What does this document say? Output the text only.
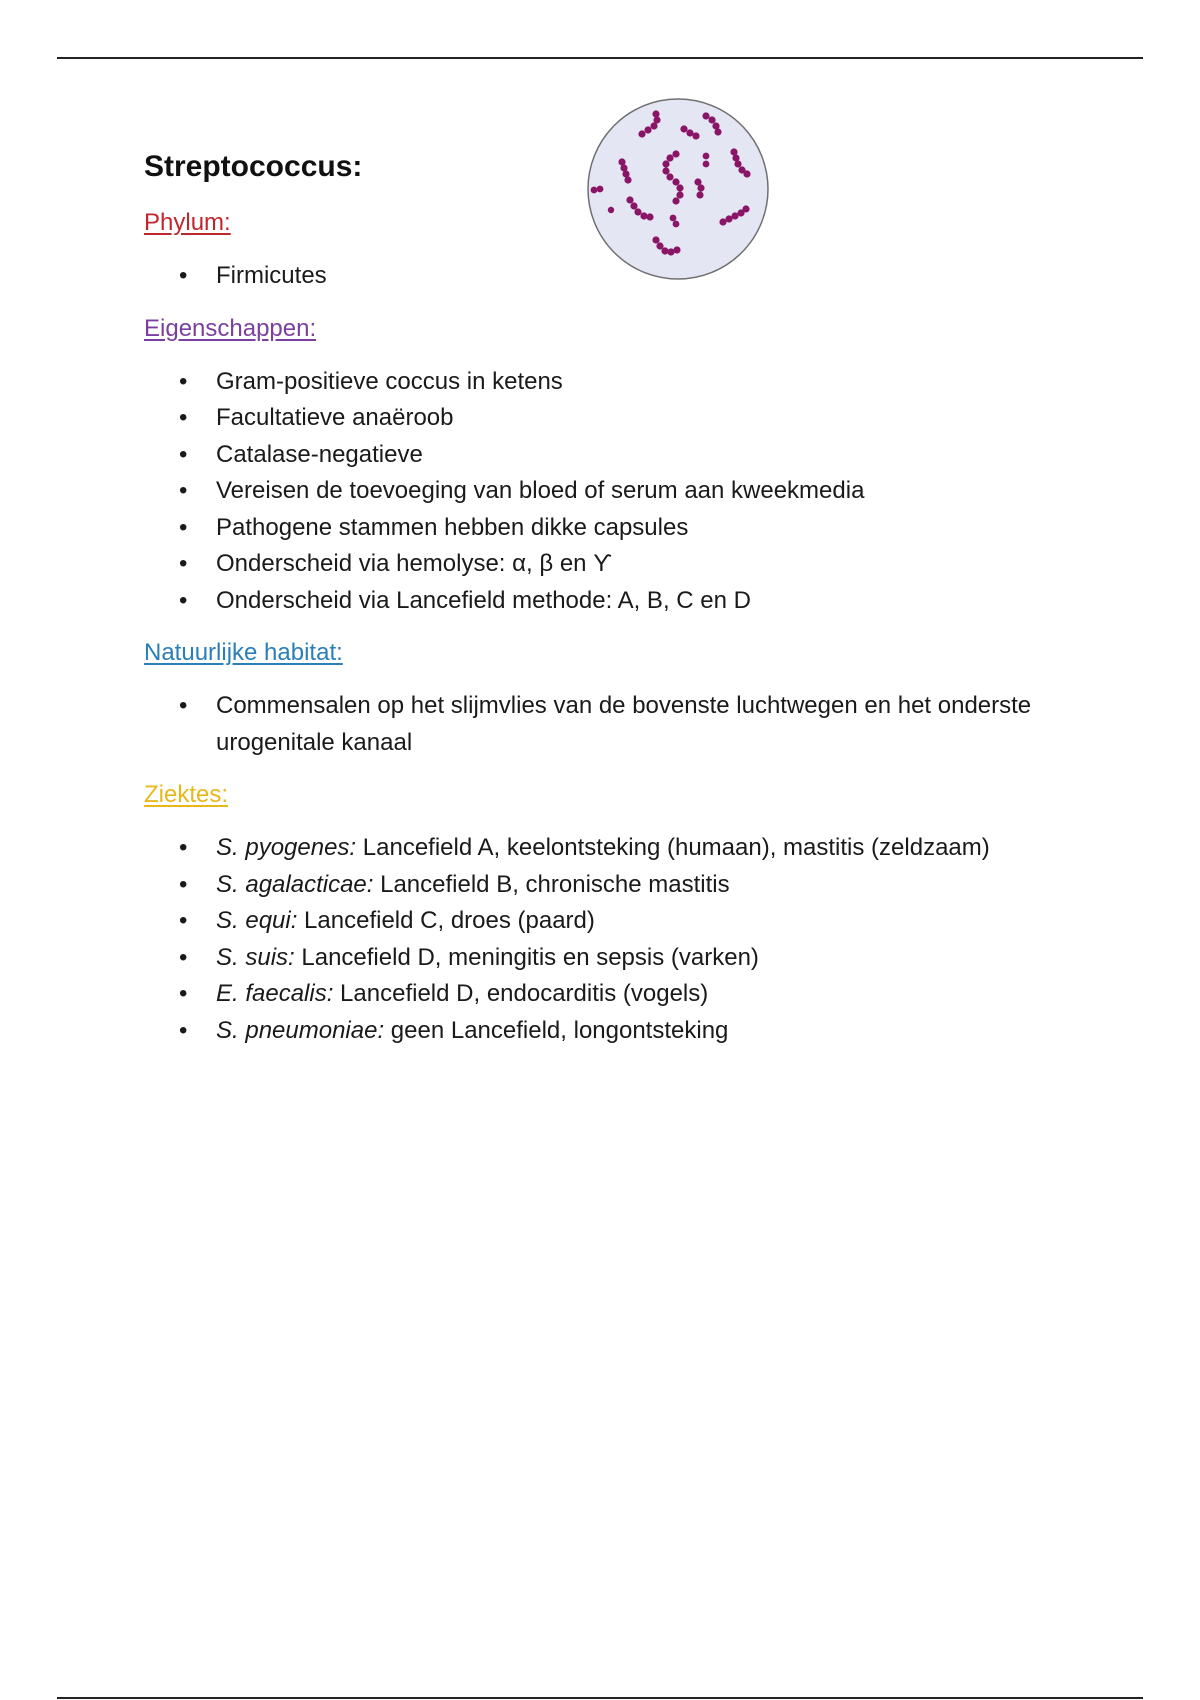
Streptococcus:

Phylum:

• Firmicutes

Eigenschappen:

• Gram-positieve coccus in ketens
• Facultatieve anaëroob
• Catalase-negatieve
• Vereisen de toevoeging van bloed of serum aan kweekmedia
• Pathogene stammen hebben dikke capsules
• Onderscheid via hemolyse: α, β en ϒ
• Onderscheid via Lancefield methode: A, B, C en D

Natuurlijke habitat:

• Commensalen op het slijmvlies van de bovenste luchtwegen en het onderste urogenitale kanaal

Ziektes:

• S. pyogenes: Lancefield A, keelontsteking (humaan), mastitis (zeldzaam)
• S. agalacticae: Lancefield B, chronische mastitis
• S. equi: Lancefield C, droes (paard)
• S. suis: Lancefield D, meningitis en sepsis (varken)
• E. faecalis: Lancefield D, endocarditis (vogels)
• S. pneumoniae: geen Lancefield, longontsteking
